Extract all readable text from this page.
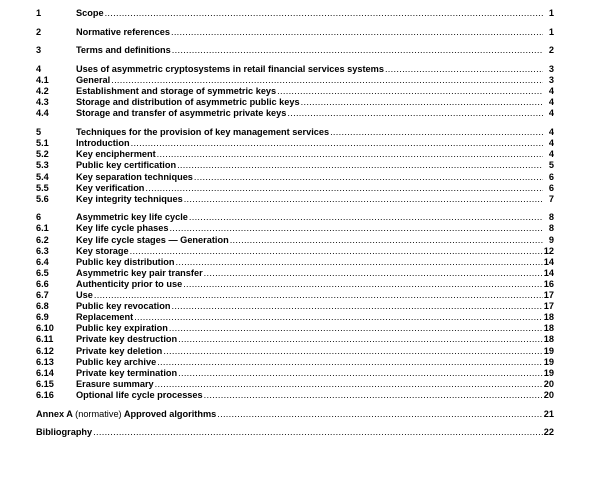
1	Scope .....	1
2	Normative references .....	1
3	Terms and definitions .....	2
4	Uses of asymmetric cryptosystems in retail financial services systems .....	3
4.1	General .....	3
4.2	Establishment and storage of symmetric keys .....	4
4.3	Storage and distribution of asymmetric public keys .....	4
4.4	Storage and transfer of asymmetric private keys .....	4
5	Techniques for the provision of key management services .....	4
5.1	Introduction .....	4
5.2	Key encipherment .....	4
5.3	Public key certification .....	5
5.4	Key separation techniques .....	6
5.5	Key verification .....	6
5.6	Key integrity techniques .....	7
6	Asymmetric key life cycle .....	8
6.1	Key life cycle phases .....	8
6.2	Key life cycle stages — Generation .....	9
6.3	Key storage .....	12
6.4	Public key distribution .....	14
6.5	Asymmetric key pair transfer .....	14
6.6	Authenticity prior to use .....	16
6.7	Use .....	17
6.8	Public key revocation .....	17
6.9	Replacement .....	18
6.10	Public key expiration .....	18
6.11	Private key destruction .....	18
6.12	Private key deletion .....	19
6.13	Public key archive .....	19
6.14	Private key termination .....	19
6.15	Erasure summary .....	20
6.16	Optional life cycle processes .....	20
Annex A (normative) Approved algorithms .....	21
Bibliography .....	22
